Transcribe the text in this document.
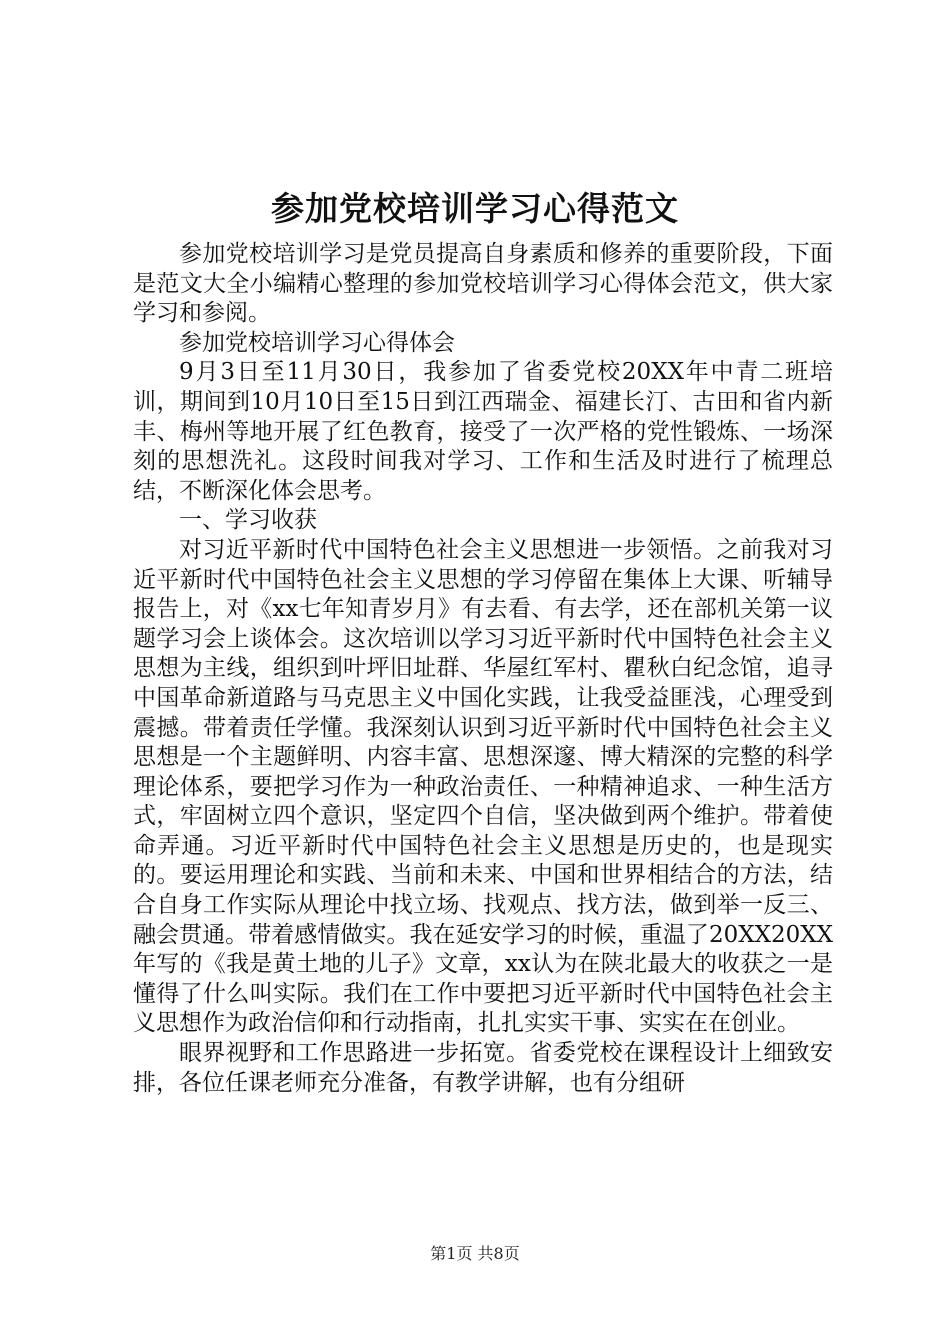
参加党校培训学习心得范文

参加党校培训学习是党员提高自身素质和修养的重要阶段，下面是范文大全小编精心整理的参加党校培训学习心得体会范文，供大家学习和参阅。

参加党校培训学习心得体会

9月3日至11月30日，我参加了省委党校20XX年中青二班培训，期间到10月10日至15日到江西瑞金、福建长汀、古田和省内新丰、梅州等地开展了红色教育，接受了一次严格的党性锻炼、一场深刻的思想洗礼。这段时间我对学习、工作和生活及时进行了梳理总结，不断深化体会思考。

一、学习收获

对习近平新时代中国特色社会主义思想进一步领悟。之前我对习近平新时代中国特色社会主义思想的学习停留在集体上大课、听辅导报告上，对《xx七年知青岁月》有去看、有去学，还在部机关第一议题学习会上谈体会。这次培训以学习习近平新时代中国特色社会主义思想为主线，组织到叶坪旧址群、华屋红军村、瞿秋白纪念馆，追寻中国革命新道路与马克思主义中国化实践，让我受益匪浅，心理受到震撼。带着责任学懂。我深刻认识到习近平新时代中国特色社会主义思想是一个主题鲜明、内容丰富、思想深邃、博大精深的完整的科学理论体系，要把学习作为一种政治责任、一种精神追求、一种生活方式，牢固树立四个意识，坚定四个自信，坚决做到两个维护。带着使命弄通。习近平新时代中国特色社会主义思想是历史的，也是现实的。要运用理论和实践、当前和未来、中国和世界相结合的方法，结合自身工作实际从理论中找立场、找观点、找方法，做到举一反三、融会贯通。带着感情做实。我在延安学习的时候，重温了20XX20XX年写的《我是黄土地的儿子》文章，xx认为在陕北最大的收获之一是懂得了什么叫实际。我们在工作中要把习近平新时代中国特色社会主义思想作为政治信仰和行动指南，扎扎实实干事、实实在在创业。

眼界视野和工作思路进一步拓宽。省委党校在课程设计上细致安排，各位任课老师充分准备，有教学讲解，也有分组研

第1页 共8页
